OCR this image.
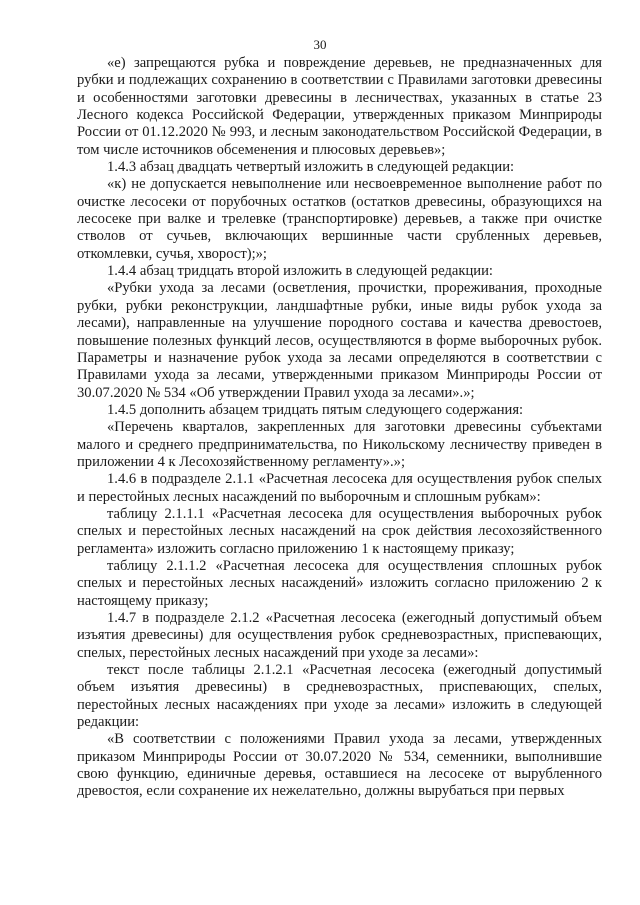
30

«е) запрещаются рубка и повреждение деревьев, не предназначенных для рубки и подлежащих сохранению в соответствии с Правилами заготовки древесины и особенностями заготовки древесины в лесничествах, указанных в статье 23 Лесного кодекса Российской Федерации, утвержденных приказом Минприроды России от 01.12.2020 № 993, и лесным законодательством Российской Федерации, в том числе источников обсеменения и плюсовых деревьев»;

1.4.3 абзац двадцать четвертый изложить в следующей редакции:

«к) не допускается невыполнение или несвоевременное выполнение работ по очистке лесосеки от порубочных остатков (остатков древесины, образующихся на лесосеке при валке и трелевке (транспортировке) деревьев, а также при очистке стволов от сучьев, включающих вершинные части срубленных деревьев, откомлевки, сучья, хворост);»;

1.4.4 абзац тридцать второй изложить в следующей редакции:

«Рубки ухода за лесами (осветления, прочистки, прореживания, проходные рубки, рубки реконструкции, ландшафтные рубки, иные виды рубок ухода за лесами), направленные на улучшение породного состава и качества древостоев, повышение полезных функций лесов, осуществляются в форме выборочных рубок. Параметры и назначение рубок ухода за лесами определяются в соответствии с Правилами ухода за лесами, утвержденными приказом Минприроды России от 30.07.2020 № 534 «Об утверждении Правил ухода за лесами».»;

1.4.5 дополнить абзацем тридцать пятым следующего содержания:

«Перечень кварталов, закрепленных для заготовки древесины субъектами малого и среднего предпринимательства, по Никольскому лесничеству приведен в приложении 4 к Лесохозяйственному регламенту».»;

1.4.6 в подразделе 2.1.1 «Расчетная лесосека для осуществления рубок спелых и перестойных лесных насаждений по выборочным и сплошным рубкам»:

таблицу 2.1.1.1 «Расчетная лесосека для осуществления выборочных рубок спелых и перестойных лесных насаждений на срок действия лесохозяйственного регламента» изложить согласно приложению 1 к настоящему приказу;

таблицу 2.1.1.2 «Расчетная лесосека для осуществления сплошных рубок спелых и перестойных лесных насаждений» изложить согласно приложению 2 к настоящему приказу;

1.4.7 в подразделе 2.1.2 «Расчетная лесосека (ежегодный допустимый объем изъятия древесины) для осуществления рубок средневозрастных, приспевающих, спелых, перестойных лесных насаждений при уходе за лесами»:

текст после таблицы 2.1.2.1 «Расчетная лесосека (ежегодный допустимый объем изъятия древесины) в средневозрастных, приспевающих, спелых, перестойных лесных насаждениях при уходе за лесами» изложить в следующей редакции:

«В соответствии с положениями Правил ухода за лесами, утвержденных приказом Минприроды России от 30.07.2020 № 534, семенники, выполнившие свою функцию, единичные деревья, оставшиеся на лесосеке от вырубленного древостоя, если сохранение их нежелательно, должны вырубаться при первых
